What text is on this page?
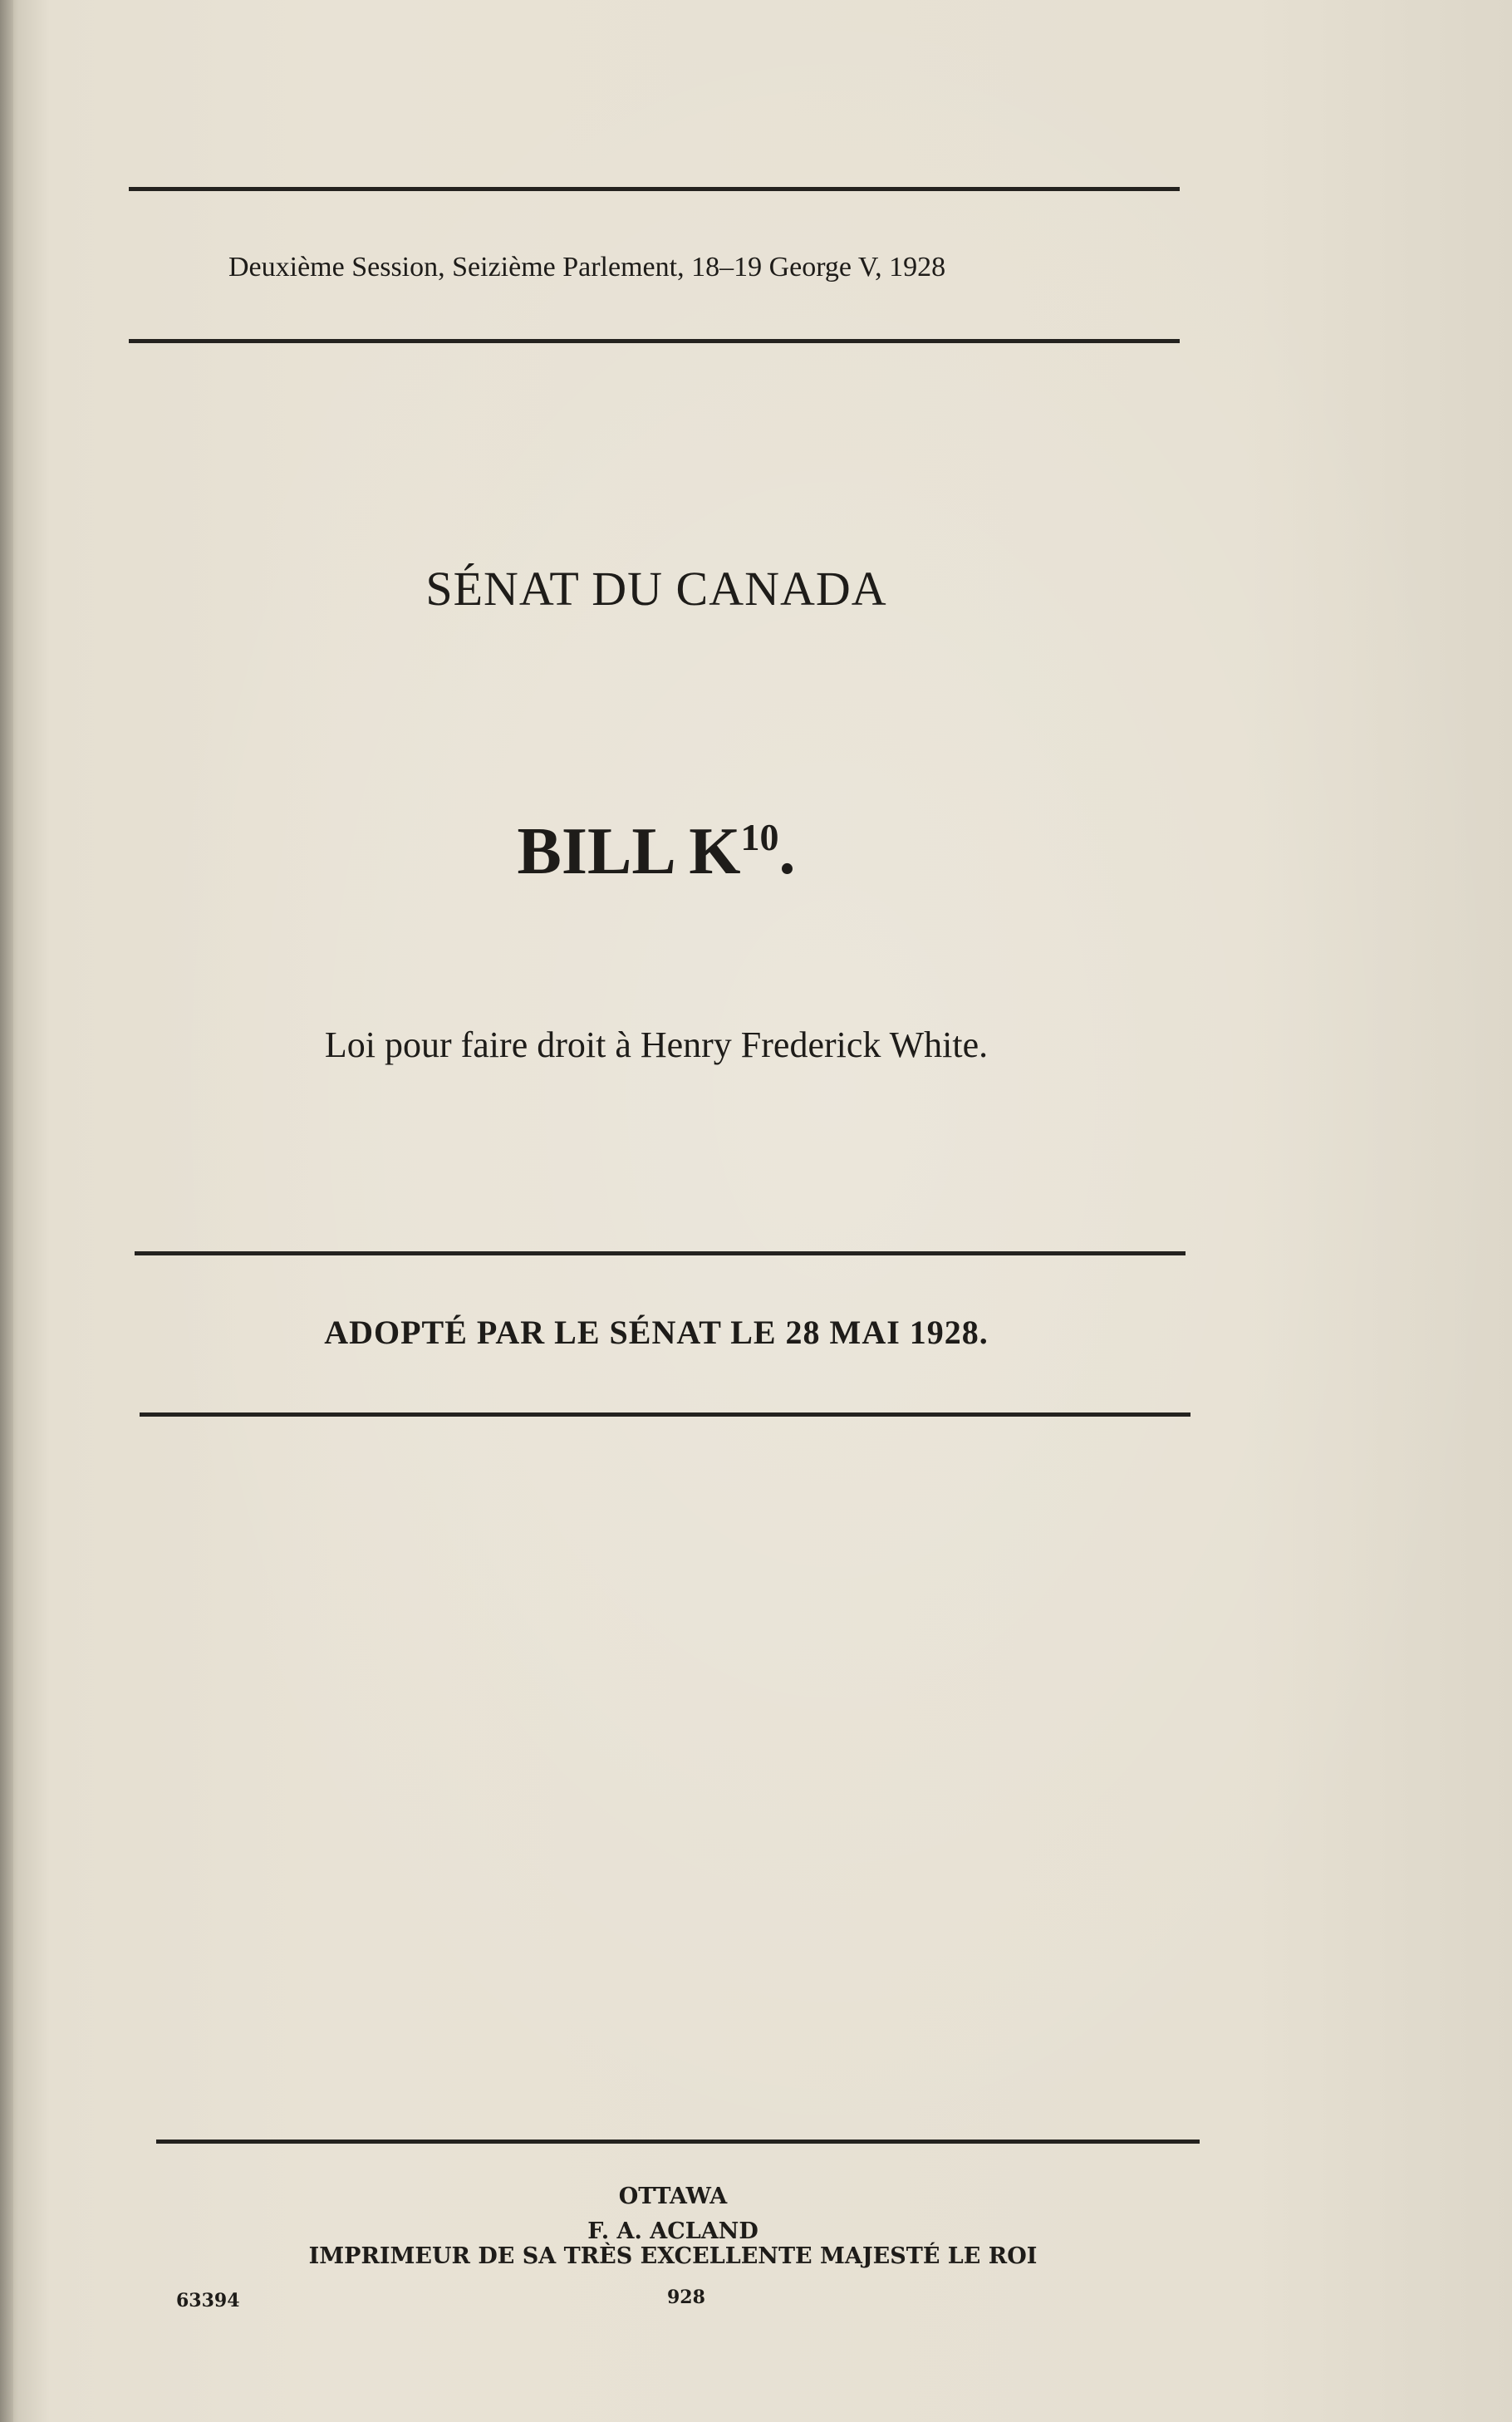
Deuxième Session, Seizième Parlement, 18–19 George V, 1928
SÉNAT DU CANADA
BILL $K^{10}$.
Loi pour faire droit à Henry Frederick White.
ADOPTÉ PAR LE SÉNAT LE 28 MAI 1928.
OTTAWA
F. A. ACLAND
IMPRIMEUR DE SA TRÈS EXCELLENTE MAJESTÉ LE ROI
63394	928
